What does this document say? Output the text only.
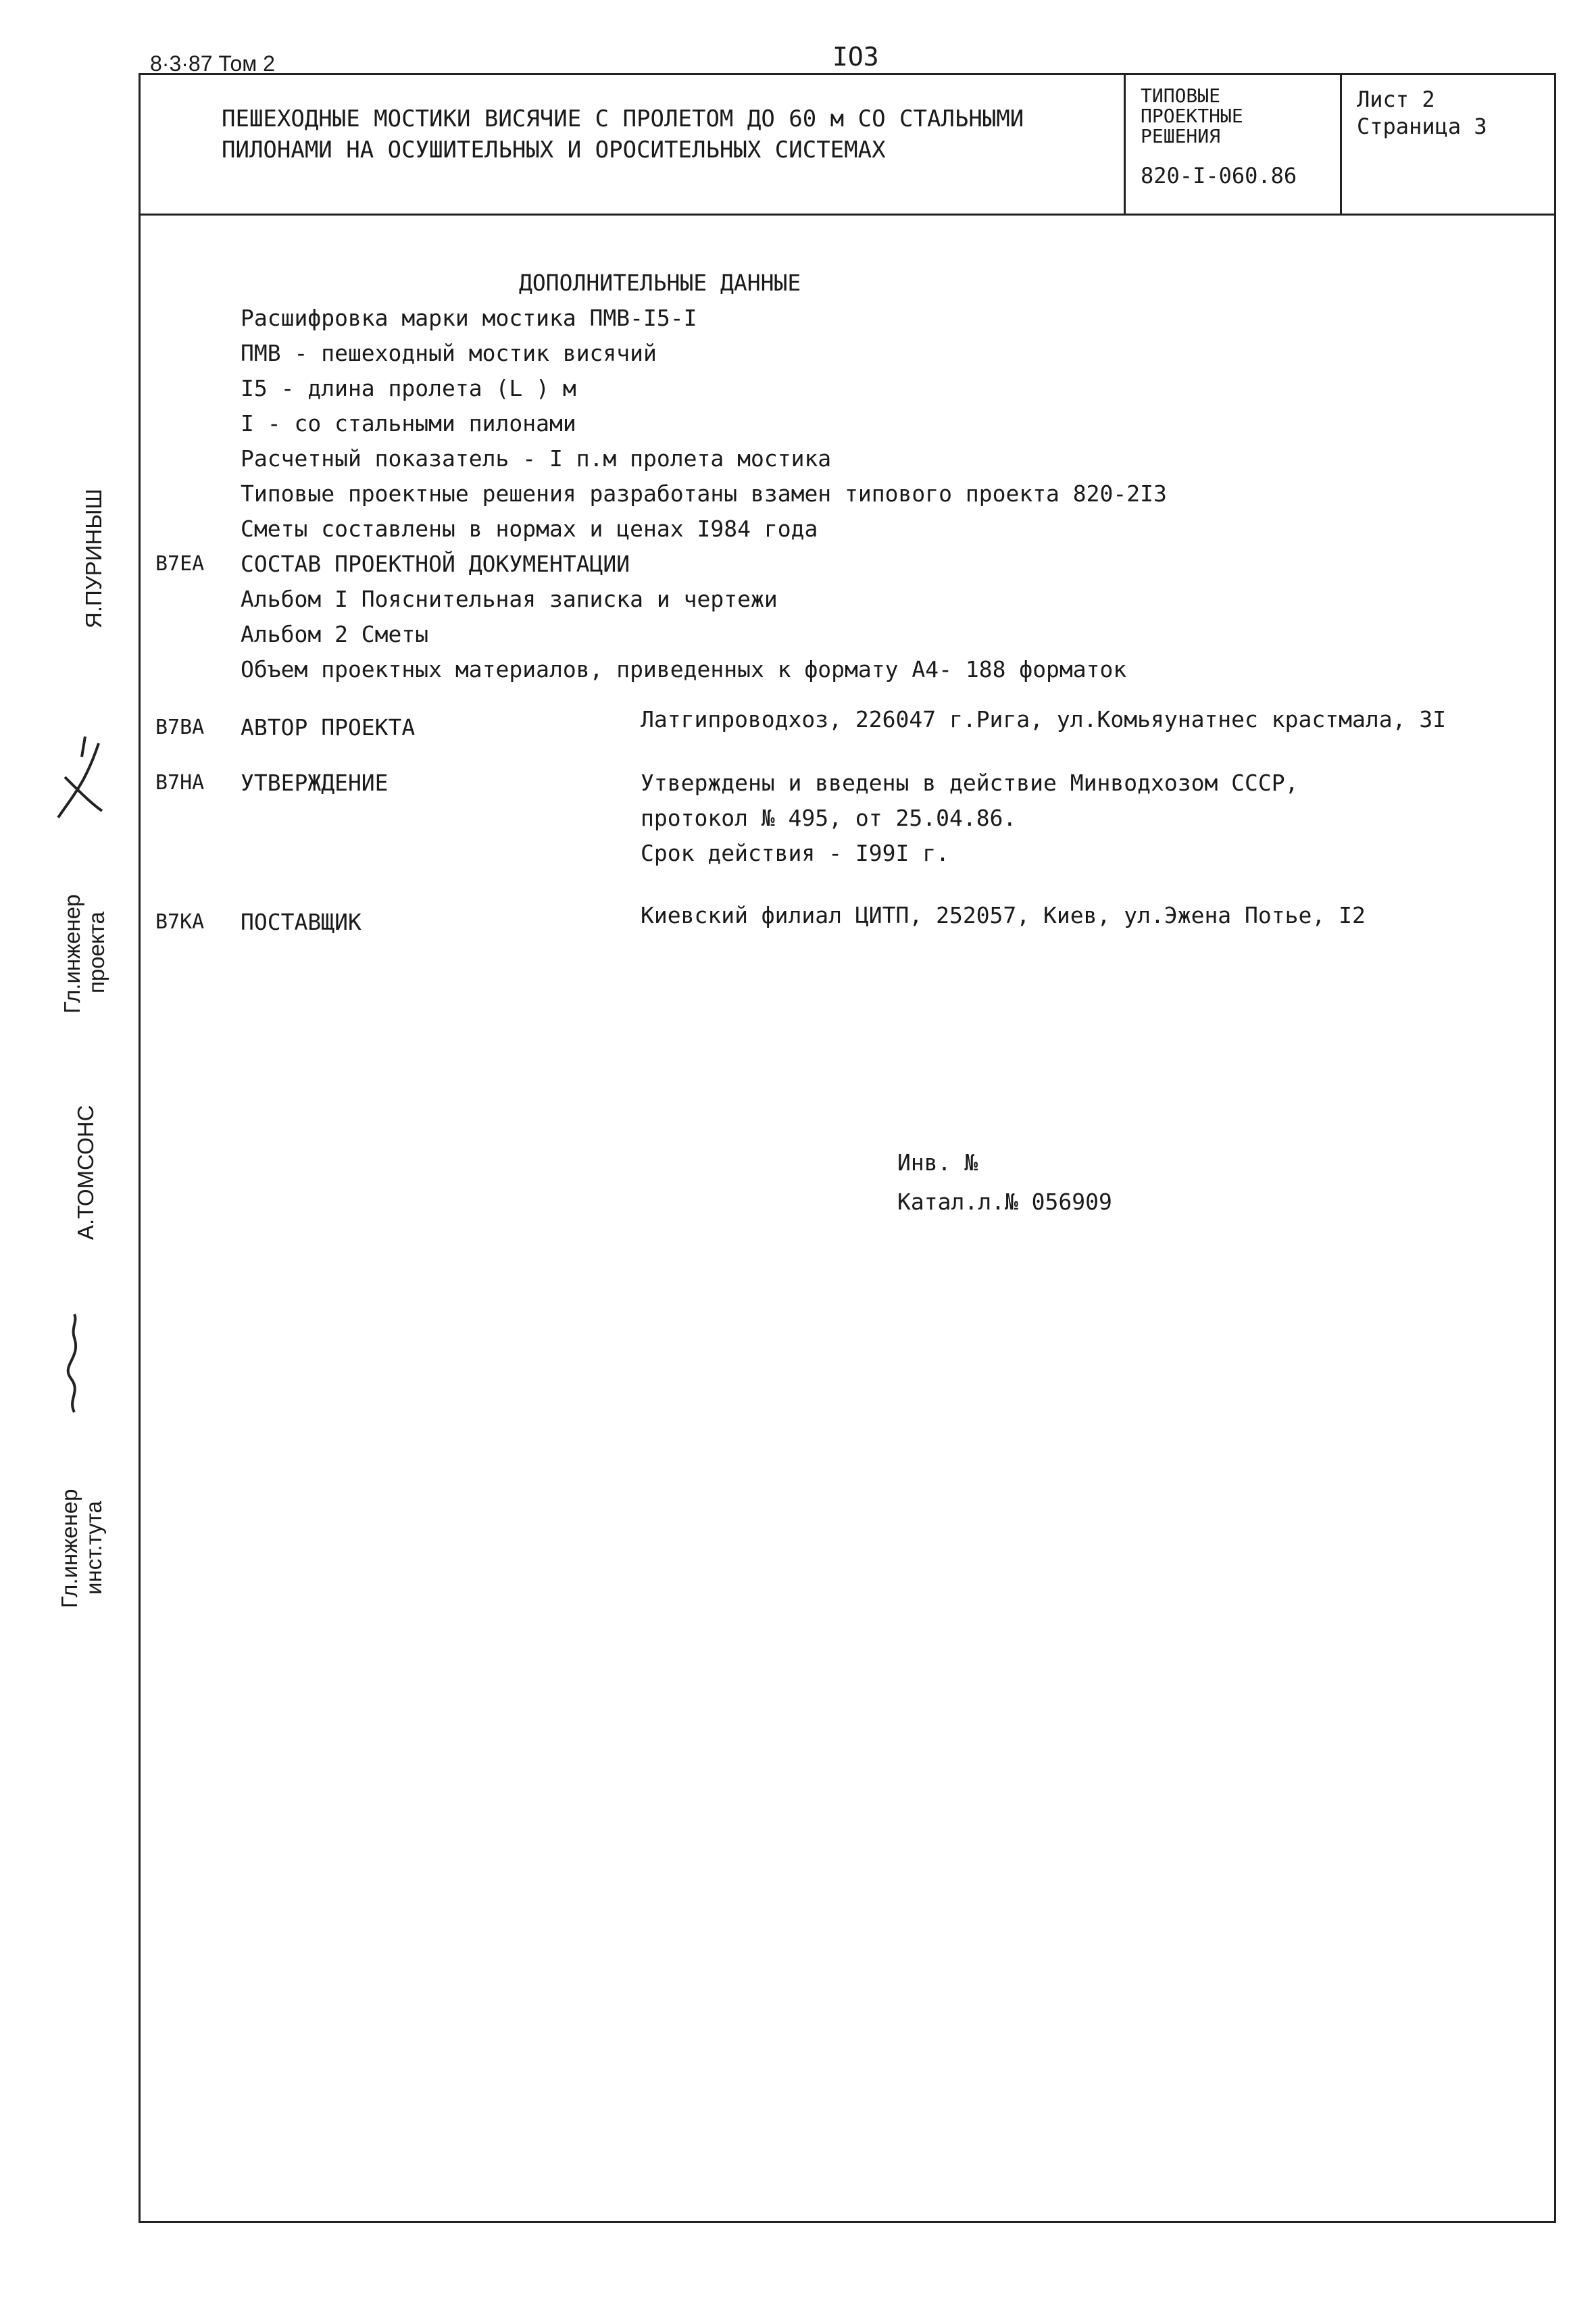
8·3·87 Том 2	IO3
ПЕШЕХОДНЫЕ МОСТИКИ ВИСЯЧИЕ С ПРОЛЕТОМ ДО 60 м СО СТАЛЬНЫМИ
ПИЛОНАМИ НА ОСУШИТЕЛЬНЫХ И ОРОСИТЕЛЬНЫХ СИСТЕМАХ
ТИПОВЫЕ
ПРОЕКТНЫЕ
РЕШЕНИЯ
820-I-060.86
Лист 2
Страница 3
ДОПОЛНИТЕЛЬНЫЕ ДАННЫЕ
Расшифровка марки мостика ПМВ-I5-I
ПМВ - пешеходный мостик висячий
I5 - длина пролета (L ) м
I - со стальными пилонами
Расчетный показатель - I п.м пролета мостика
Типовые проектные решения разработаны взамен типового проекта 820-2I3
Сметы составлены в нормах и ценах I984 года
В7ЕА СОСТАВ ПРОЕКТНОЙ ДОКУМЕНТАЦИИ
Альбом I Пояснительная записка и чертежи
Альбом 2 Сметы
Объем проектных материалов, приведенных к формату А4- 188 форматок
В7ВА АВТОР ПРОЕКТА	Латгипроводхоз, 226047 г.Рига, ул.Комьяунатнес крастмала, 3I
В7НА УТВЕРЖДЕНИЕ	Утверждены и введены в действие Минводхозом СССР,
протокол № 495, от 25.04.86.
Срок действия - I99I г.
В7КА ПОСТАВЩИК	Киевский филиал ЦИТП, 252057, Киев, ул.Эжена Потье, I2
Инв. №
Катал.л.№ 056909
Я.ПУРИНЫШ
Гл.инженер проекта
А.ТОМСОНС
Гл.инженер инст.тута
